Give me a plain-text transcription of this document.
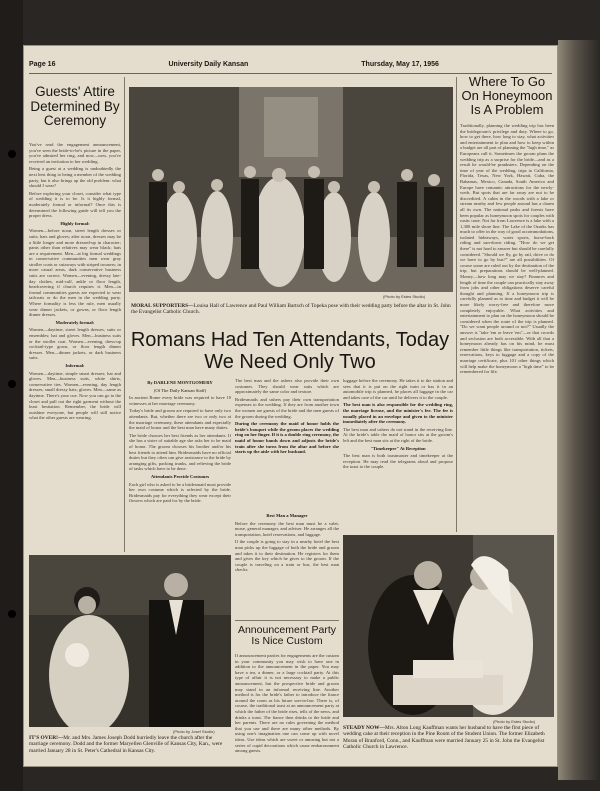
Page 16	University Daily Kansan	Thursday, May 17, 1956
Guests' Attire Determined By Ceremony

You've read the engagement announcement, you've seen the bride-to-be's picture in the paper, you've admired her ring, and now—now, you've received an invitation to her wedding.

Being a guest at a wedding is undoubtedly the next best thing to being a member of the wedding party, but it also brings up the old problem: what should I wear?

Before exploring your closet, consider what type of wedding it is to be. Is it highly formal, moderately formal or informal? Once this is determined the following guide will tell you the proper dress.

Highly formal:

Women—before noon, street length dresses or suits; hats and gloves; after noon, dresses may be a little longer and more dressed-up in character; pants other than relatives may wear black; hats are a requirement. Men—at big formal weddings in conservative communities men wear gray stroller coats or cutaways with striped trousers; in more casual areas, dark conservative business suits are correct. Women—evening, dressy late-day clothes, mid-calf, ankle or floor length, headcovering if church requires it. Men—in formal communities guests are expected to wear tailcoats or do the men in the wedding party. Where formality is less the rule, men usually wear dinner jackets, or gowns, or floor length dinner dresses.

Moderately formal:

Women—daytime, street length dresses, suits or ensembles; hat and gloves. Men—business suits or the stroller coat. Women—evening, dress-up cocktail-type gown, or floor length dinner dresses. Men—dinner jackets, or dark business suits.

Informal:

Women—daytime, simple smart dresses; hat and gloves. Men—business suits, white shirts, conservative ties. Women—evening, day length dresses; small dressy hats; gloves. Men—same as daytime. There's your cue. Now you can go to the closet and pull out the right garment without the least hesitation. Remember, the bride will outshine everyone, but people will still notice what the other guests are wearing.

(Photo by Estes Studio)
MORAL SUPPORTERS—Louisa Hall of Lawrence and Paul William Bartsch of Topeka pose with their wedding party before the altar in St. John the Evangelist Catholic Church.
Romans Had Ten Attendants, Today We Need Only Two
By DARLENE MONTGOMERY
(Of The Daily Kansan Staff)

In ancient Rome every bride was required to have 10 witnesses at her marriage ceremony.

Today's bride and groom are required to have only two attendants. But, whether there are two or only two at the marriage ceremony, these attendants and especially the maid of honor and the best man have many duties.

The bride chooses her best friends as her attendants. If she has a sister of suitable age she asks her to be maid of honor. The groom chooses his brother and/or his best friends to attend him. Bridesmaids have no official duties but they often can give assistance to the bride by arranging gifts, packing trunks, and relieving the bride of tasks which have to be done.

Attendants Provide Costumes

Each girl who is asked to be a bridesmaid must provide her own costume which is selected by the bride. Bridesmaids pay for everything they wear except their flowers which are paid for by the bride.

The best man and the ushers also provide their own costumes. They should wear suits which are approximately the same color and texture.

Bridesmaids and ushers pay their own transportation expenses to the wedding. If they are from another town the women are guests of the bride and the men guests of the groom during the wedding.

During the ceremony the maid of honor holds the bride's bouquet while the groom places the wedding ring on her finger. If it is a double ring ceremony, the maid of honor hands down and adjusts the bride's train after she turns from the altar and before she starts up the aisle with her husband.

luggage before the ceremony. He takes it to the station and sees that it is put on the right train or has it in an automobile trip is planned, he places all luggage in the car and takes care of the car until he delivers it to the couple.

The best man is also responsible for the wedding ring, the marriage license, and the minister's fee. The fee is usually placed in an envelope and given to the minister immediately after the ceremony.

The best man and ushers do not stand in the receiving line. At the bride's table the maid of honor sits at the groom's left and the best man sits at the right of the bride.

"Timekeeper" At Reception

The best man is both toastmaster and timekeeper at the reception. He may read the telegrams aloud and propose the toast to the couple.

Best Man a Manager

Before the ceremony the best man must be a valet, nurse, general manager, and adviser. He arranges all the transportation, hotel reservations, and luggage.

If the couple is going to stay in a nearby hotel the best man picks up the luggage of both the bride and groom and takes it to their destination. He registers for them and gives the key which he gives to the groom. If the couple is traveling on a train or bus, the best man checks

Announcement Party Is Nice Custom

If announcement parties for engagements are the custom in your community you may wish to have one in addition to the announcement in the paper. You may have a tea, a dinner, or a large cocktail party. At this type of affair it is not necessary to make a public announcement, but the prospective bride and groom may stand in an informal receiving line. Another method is for the bride's father to introduce the fiance around the room as his future son-in-law. There is, of course, the traditional toast at an announcement party at which the father of the bride rises, tells of the news, and drinks a toast. The fiance then drinks to the bride and her parents. There are no rules governing the method that you use and there are many other methods. By using one's imagination one can come up with novel ideas. Use ideas which are sweet or amusing but not a series of cupid decorations which cause embarrassment among guests.

Where To Go On Honeymoon Is A Problem

Traditionally, planning the wedding trip has been the bridegroom's privilege and duty. Where to go, how to get there, how long to stay, what activities and entertainment to plan and how to keep within a budget are all part of planning the "high time," as Europeans call it. Sometimes the groom plans the wedding trip as a surprise for the bride—and as a result he would-be pranksters. Depending on the time of year of the wedding, trips to California, Florida, Texas, New York, Hawaii, Cuba, the Bahamas, Mexico, Canada, South America and Europe have romantic attractions for the newly-weds. But spots that are far away are not to be discredited. A cabin in the woods with a lake or stream nearby and few people around has a charm all its own. The national parks and forests have been popular as honeymoon spots for couples with rustic taste. Not far from Lawrence is a lake with a 1,300 mile shore line. The Lake of the Ozarks has much to offer in the way of good accommodations, isolated hideaways, water sports, horse-back riding and sun-down riding. "How do we get there" is not hard to answer but should be carefully considered. "Should we fly, go by rail, drive or do we have to go by bus?" are all possibilities. Of course some are ruled out by the destination of the trip, but preparations should be well-planned. Money—how long may we stay? Finances and length of time the couple can practically stay away from jobs and other obligations deserve careful thought and planning. If a honeymoon trip is carefully planned as to time and budget it will be more likely worry-free and therefore more completely enjoyable. What activities and entertainment to plan on the honeymoon should be considered when the route of the trip is planned. "Do we want people around or not?" Usually the answer is "take 'em or leave 'em"—or that crowds and seclusion are both accessible. With all that a honeymoon already has on his mind, he must remember little things like transportation, tickets, reservations, keys to luggage and a copy of the marriage certificate, plus 101 other things which will help make the honeymoon a "high time" to be remembered for life.

(Photo by Josef Studio)
IT'S OVER!—Mr. and Mrs. James Joseph Dodd hurriedly leave the church after the marriage ceremony. Dodd and the former Maryellen Glenville of Kansas City, Kan., were married January 28 in St. Peter's Cathedral in Kansas City.
(Photo by Estes Studio)
STEADY NOW—Mrs. Alton Long Kauffman wants her husband to have the first piece of wedding cake at their reception in the Pine Room of the Student Union. The former Elizabeth Moran of Branford, Conn., and Kauffman were married January 25 in St. John the Evangelist Catholic Church in Lawrence.
